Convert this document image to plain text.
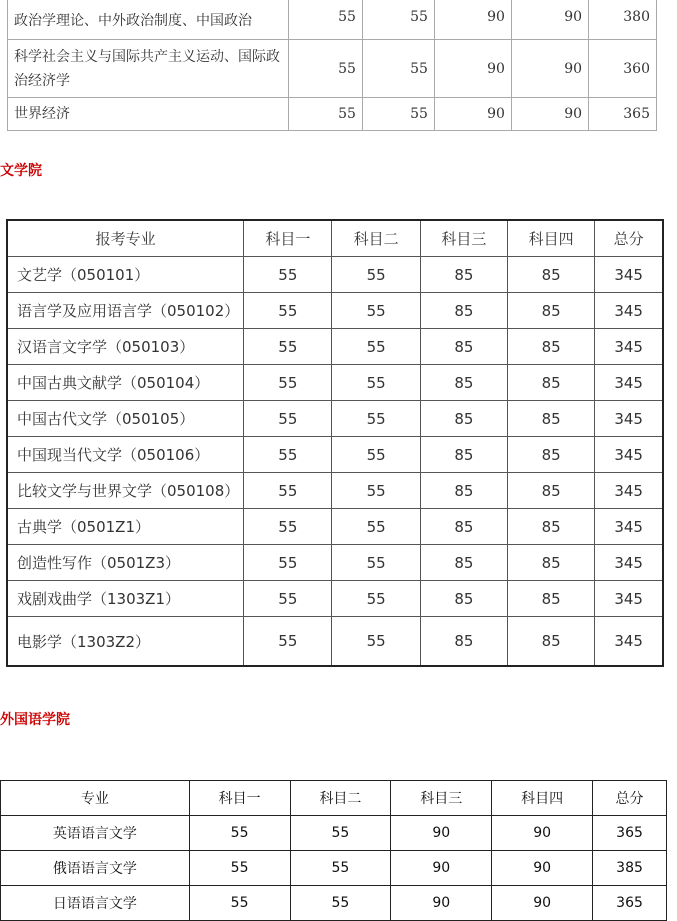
政治学理论、中外政治制度、中国政治	55	55	90	90	380
科学社会主义与国际共产主义运动、国际政治经济学	55	55	90	90	360
世界经济	55	55	90	90	365
文学院
报考专业	科目一	科目二	科目三	科目四	总分
文艺学（050101）	55	55	85	85	345
语言学及应用语言学（050102）	55	55	85	85	345
汉语言文字学（050103）	55	55	85	85	345
中国古典文献学（050104）	55	55	85	85	345
中国古代文学（050105）	55	55	85	85	345
中国现当代文学（050106）	55	55	85	85	345
比较文学与世界文学（050108）	55	55	85	85	345
古典学（0501Z1）	55	55	85	85	345
创造性写作（0501Z3）	55	55	85	85	345
戏剧戏曲学（1303Z1）	55	55	85	85	345
电影学（1303Z2）	55	55	85	85	345
外国语学院
专业	科目一	科目二	科目三	科目四	总分
英语语言文学	55	55	90	90	365
俄语语言文学	55	55	90	90	385
日语语言文学	55	55	90	90	365
